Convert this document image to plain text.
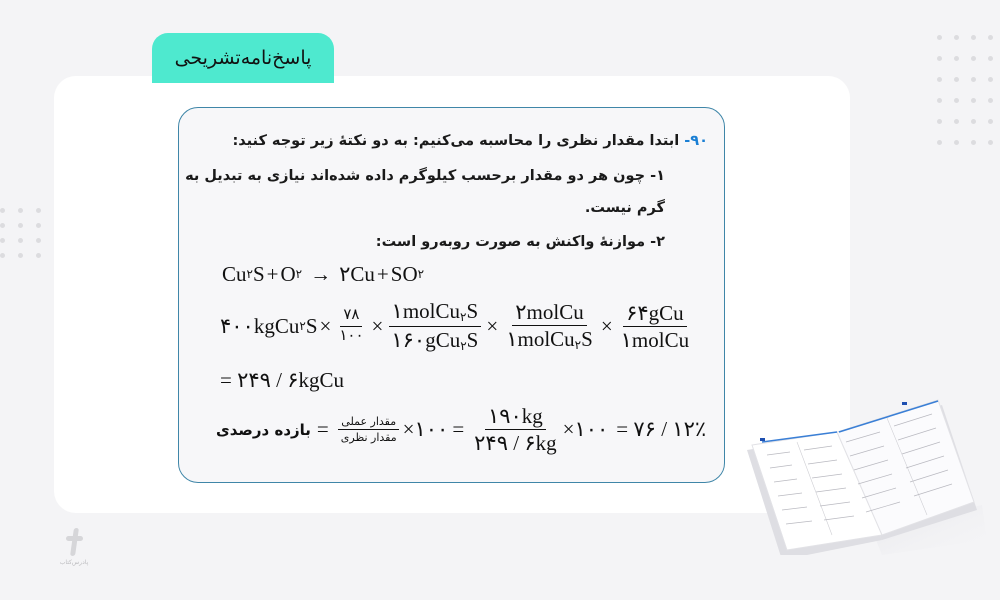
پاسخ‌نامه‌تشریحی
۹۰- ابتدا مقدار نظری را محاسبه می‌کنیم: به دو نکتهٔ زیر توجه کنید:
۱- چون هر دو مقدار برحسب کیلوگرم داده شده‌اند نیازی به تبدیل به
گرم نیست.
۲- موازنهٔ واکنش به صورت روبه‌رو است:
Cu ۲ S + O ۲ → ۲Cu + SO ۲
۴۰۰kgCu ۲ $S \times \frac{۷۸}{۱۰۰} \times \frac{۱molCu_۲S}{۱۶۰gCu_۲S} \times \frac{\text{۲molCu}}{۱molCu_۲S} \times \frac{\text{۶۴gCu}}{\text{۱molCu}}$
= ۲۴۹ / ۶kgCu
بازده درصدی = $\frac{\text{مقدار عملی}}{\text{مقدار نظری}}$ ×۱۰۰ = $\frac{۱۹۰kg}{۲۴۹ / ۶kg}$ ×۱۰۰ = ۷۶ / ۱۲٪
پادرس‌کتاب
